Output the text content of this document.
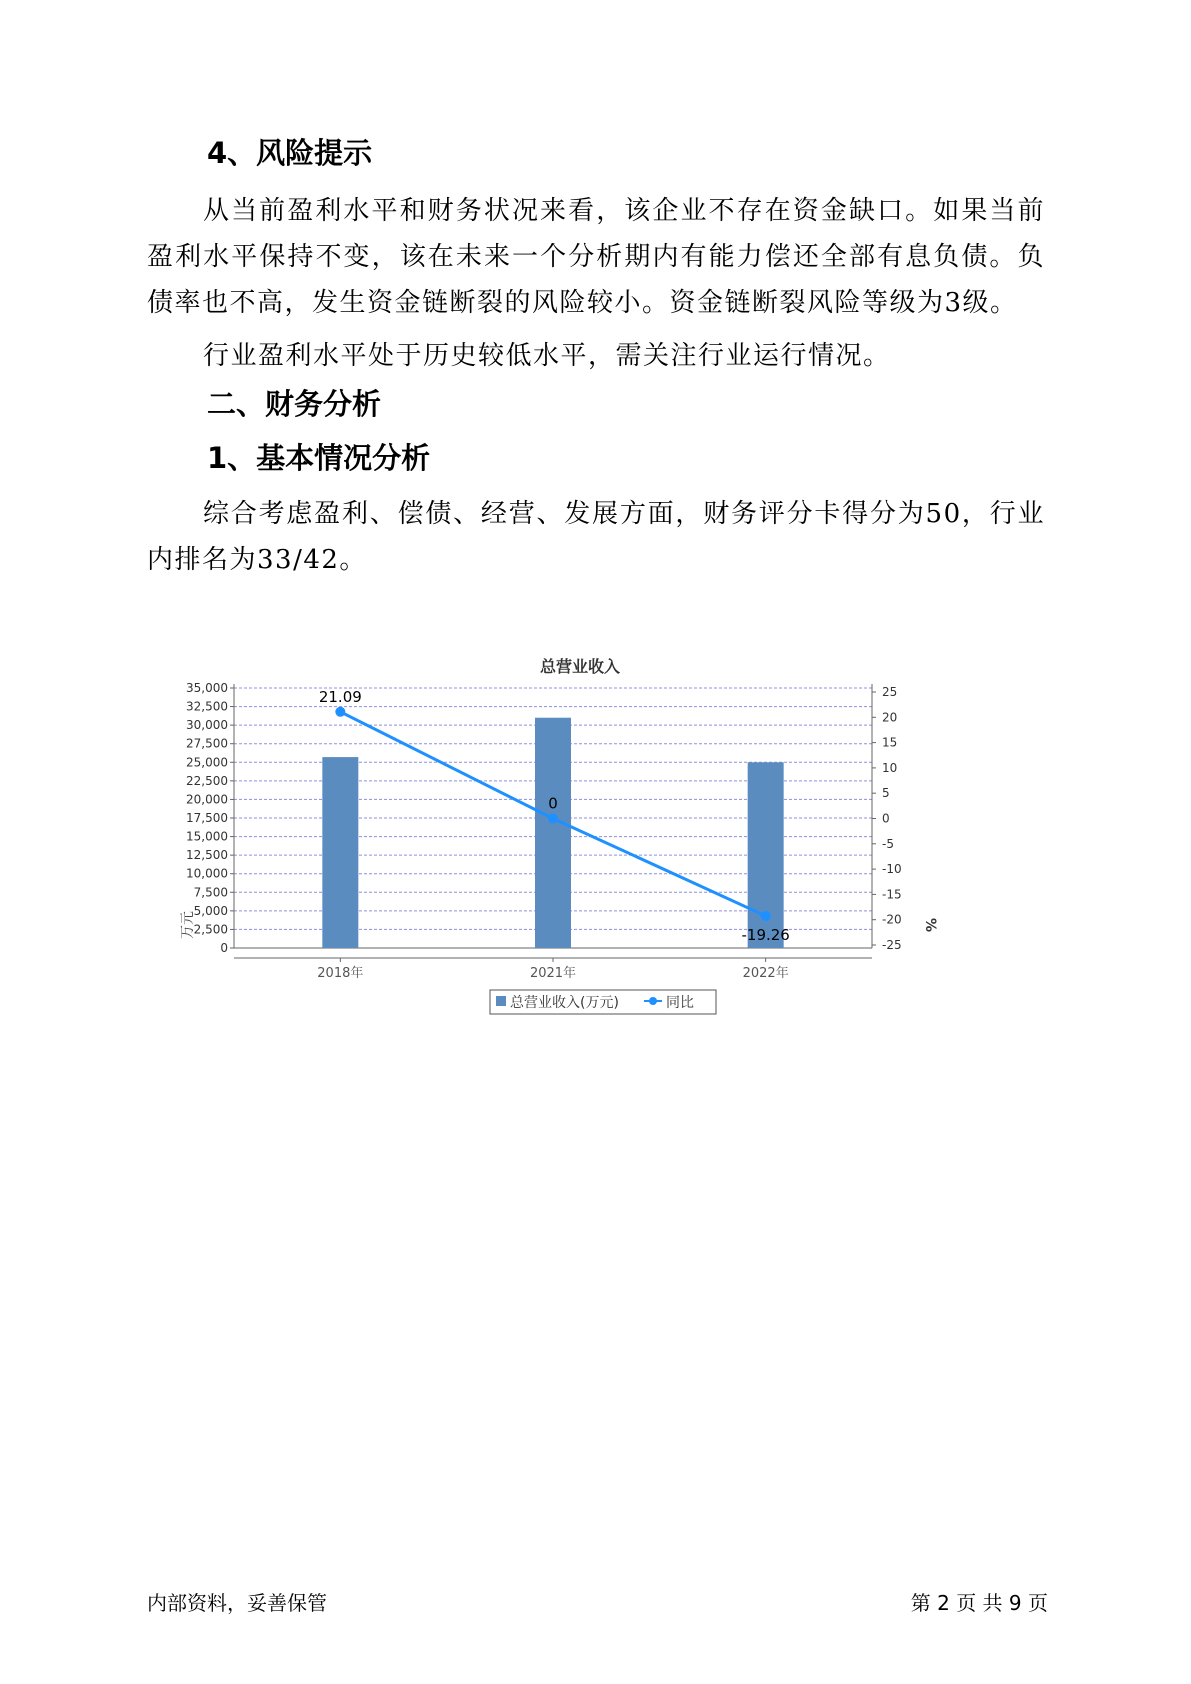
4、风险提示

从当前盈利水平和财务状况来看，该企业不存在资金缺口。如果当前盈利水平保持不变，该在未来一个分析期内有能力偿还全部有息负债。负债率也不高，发生资金链断裂的风险较小。资金链断裂风险等级为3级。

行业盈利水平处于历史较低水平，需关注行业运行情况。

二、财务分析
1、基本情况分析

综合考虑盈利、偿债、经营、发展方面，财务评分卡得分为50，行业内排名为33/42。

总营业收入
35,000
32,500
30,000
27,500
25,000
22,500
20,000
17,500
15,000
12,500
10,000
7,500
5,000
2,500
0
25
20
15
10
5
0
-5
-10
-15
-20
-25
2018年	2021年	2022年
21.09
0
-19.26
万元	%
总营业收入(万元)	同比
内部资料，妥善保管	第 2 页 共 9 页
